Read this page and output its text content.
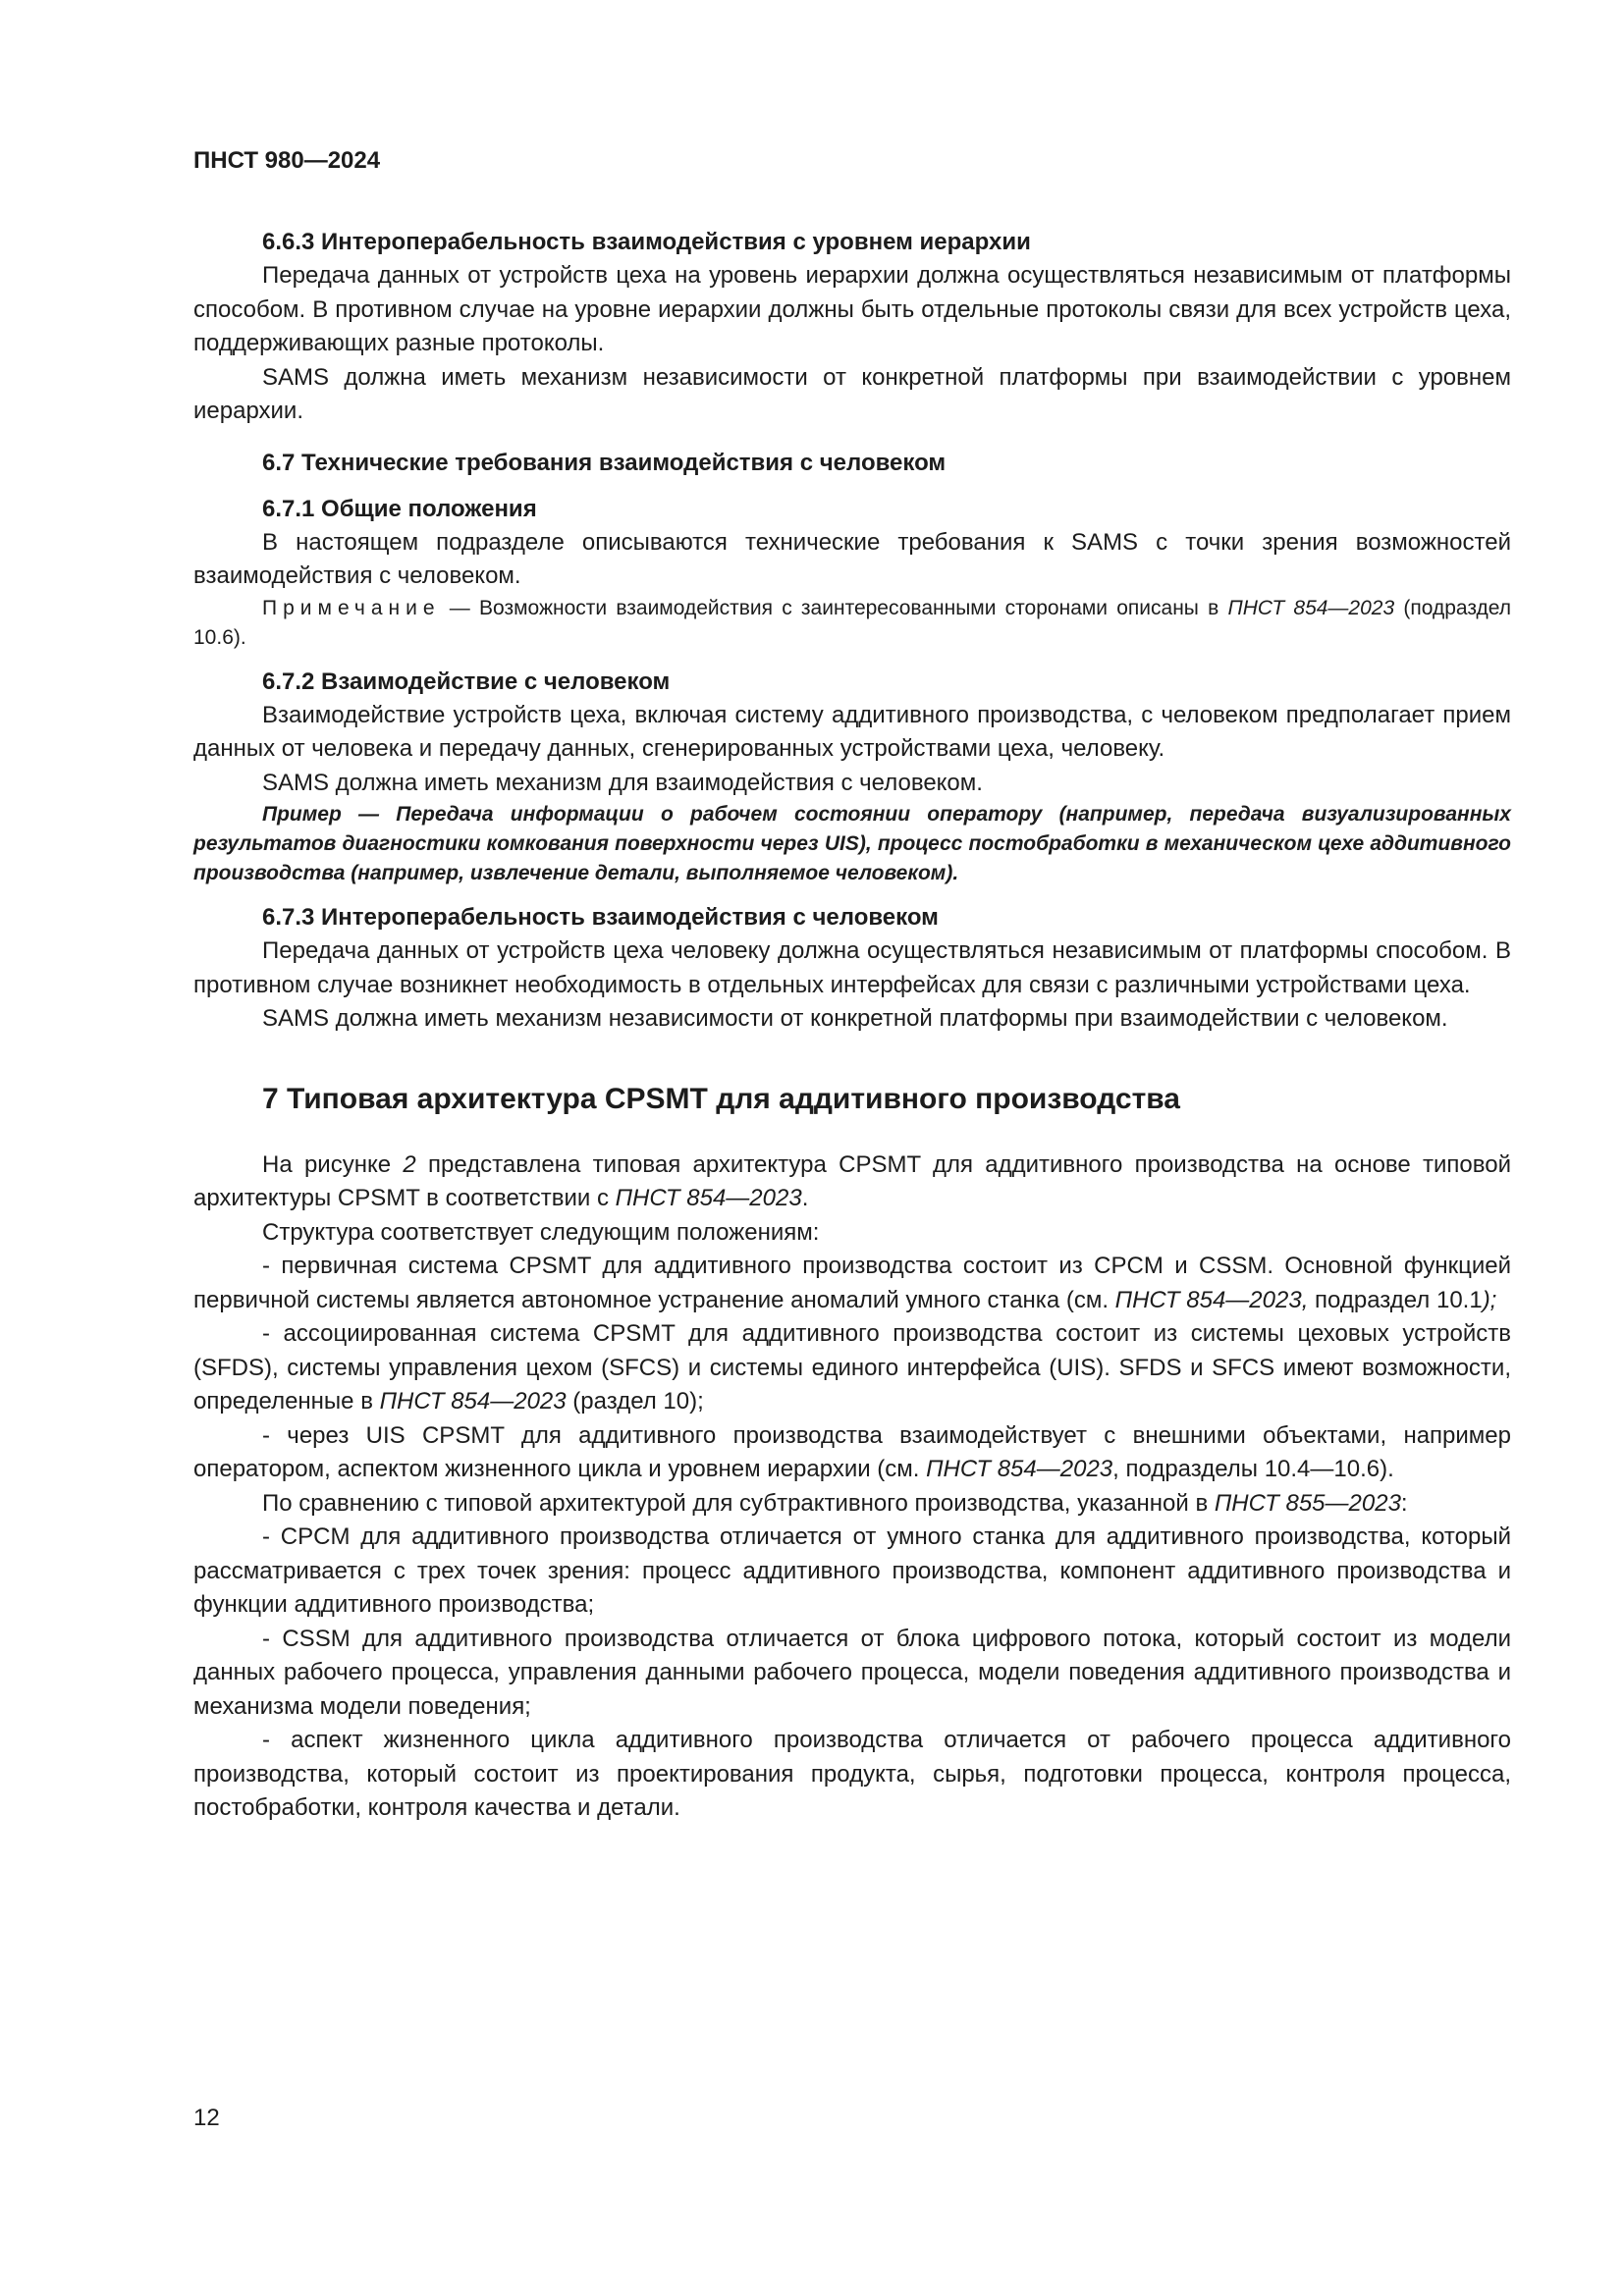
ПНСТ 980—2024

6.6.3 Интероперабельность взаимодействия с уровнем иерархии

Передача данных от устройств цеха на уровень иерархии должна осуществляться независимым от платформы способом. В противном случае на уровне иерархии должны быть отдельные протоколы связи для всех устройств цеха, поддерживающих разные протоколы.

SAMS должна иметь механизм независимости от конкретной платформы при взаимодействии с уровнем иерархии.

6.7 Технические требования взаимодействия с человеком
6.7.1 Общие положения

В настоящем подразделе описываются технические требования к SAMS с точки зрения возможностей взаимодействия с человеком.

Примечание — Возможности взаимодействия с заинтересованными сторонами описаны в ПНСТ 854—2023 (подраздел 10.6).

6.7.2 Взаимодействие с человеком

Взаимодействие устройств цеха, включая систему аддитивного производства, с человеком предполагает прием данных от человека и передачу данных, сгенерированных устройствами цеха, человеку.

SAMS должна иметь механизм для взаимодействия с человеком.

Пример — Передача информации о рабочем состоянии оператору (например, передача визуализированных результатов диагностики комкования поверхности через UIS), процесс постобработки в механическом цехе аддитивного производства (например, извлечение детали, выполняемое человеком).

6.7.3 Интероперабельность взаимодействия с человеком

Передача данных от устройств цеха человеку должна осуществляться независимым от платформы способом. В противном случае возникнет необходимость в отдельных интерфейсах для связи с различными устройствами цеха.

SAMS должна иметь механизм независимости от конкретной платформы при взаимодействии с человеком.

7 Типовая архитектура CPSMT для аддитивного производства

На рисунке 2 представлена типовая архитектура CPSMT для аддитивного производства на основе типовой архитектуры CPSMT в соответствии с ПНСТ 854—2023.

Структура соответствует следующим положениям:

- первичная система CPSMT для аддитивного производства состоит из CPCM и CSSM. Основной функцией первичной системы является автономное устранение аномалий умного станка (см. ПНСТ 854—2023, подраздел 10.1);

- ассоциированная система CPSMT для аддитивного производства состоит из системы цеховых устройств (SFDS), системы управления цехом (SFCS) и системы единого интерфейса (UIS). SFDS и SFCS имеют возможности, определенные в ПНСТ 854—2023 (раздел 10);

- через UIS CPSMT для аддитивного производства взаимодействует с внешними объектами, например оператором, аспектом жизненного цикла и уровнем иерархии (см. ПНСТ 854—2023, подразделы 10.4—10.6).

По сравнению с типовой архитектурой для субтрактивного производства, указанной в ПНСТ 855—2023:

- CPCM для аддитивного производства отличается от умного станка для аддитивного производства, который рассматривается с трех точек зрения: процесс аддитивного производства, компонент аддитивного производства и функции аддитивного производства;

- CSSM для аддитивного производства отличается от блока цифрового потока, который состоит из модели данных рабочего процесса, управления данными рабочего процесса, модели поведения аддитивного производства и механизма модели поведения;

- аспект жизненного цикла аддитивного производства отличается от рабочего процесса аддитивного производства, который состоит из проектирования продукта, сырья, подготовки процесса, контроля процесса, постобработки, контроля качества и детали.

12
